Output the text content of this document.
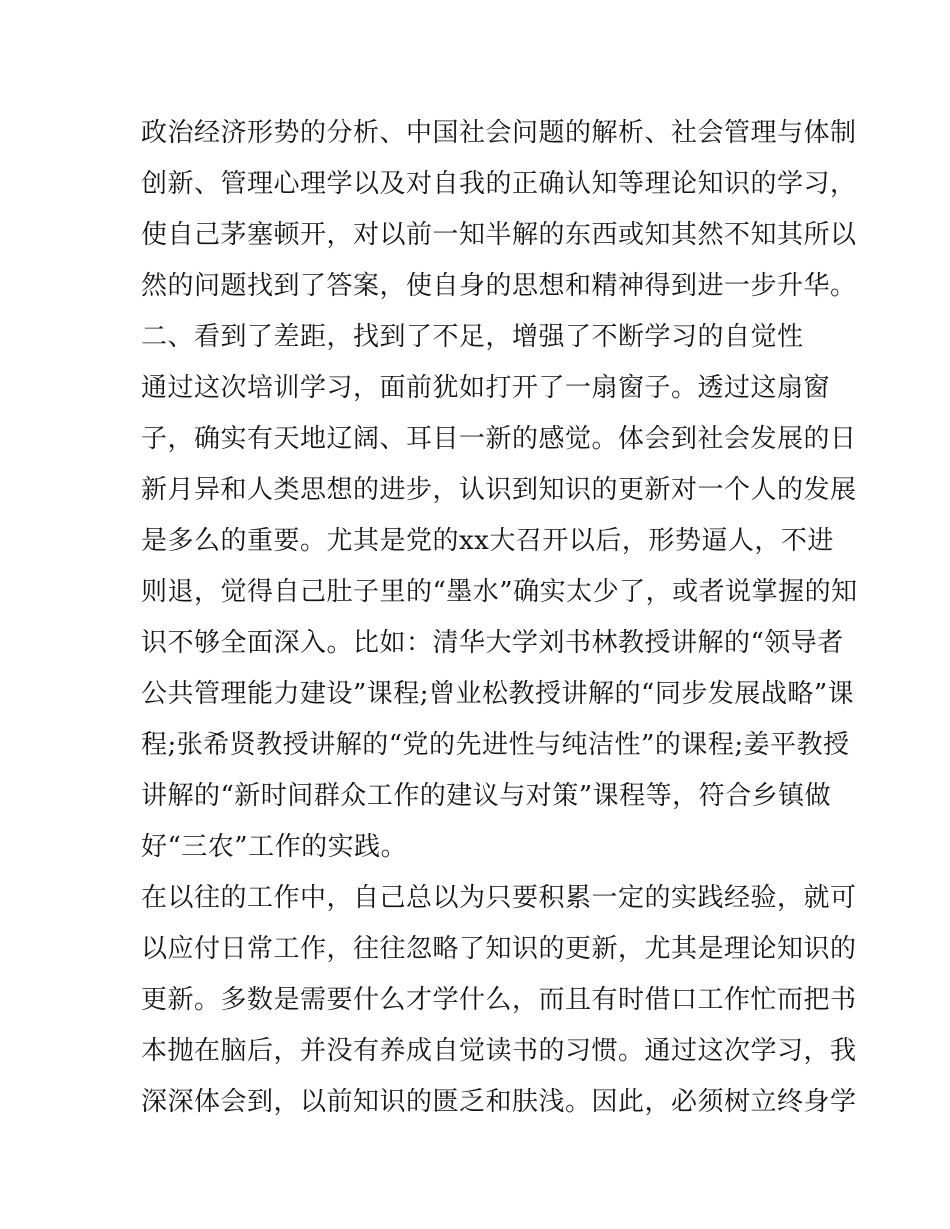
政治经济形势的分析、中国社会问题的解析、社会管理与体制
创新、管理心理学以及对自我的正确认知等理论知识的学习，
使自己茅塞顿开，对以前一知半解的东西或知其然不知其所以
然的问题找到了答案，使自身的思想和精神得到进一步升华。
二、看到了差距，找到了不足，增强了不断学习的自觉性
通过这次培训学习，面前犹如打开了一扇窗子。透过这扇窗
子，确实有天地辽阔、耳目一新的感觉。体会到社会发展的日
新月异和人类思想的进步，认识到知识的更新对一个人的发展
是多么的重要。尤其是党的xx大召开以后，形势逼人，不进
则退，觉得自己肚子里的“墨水”确实太少了，或者说掌握的知
识不够全面深入。比如：清华大学刘书林教授讲解的“领导者
公共管理能力建设”课程;曾业松教授讲解的“同步发展战略”课
程;张希贤教授讲解的“党的先进性与纯洁性”的课程;姜平教授
讲解的“新时间群众工作的建议与对策”课程等，符合乡镇做
好“三农”工作的实践。
在以往的工作中，自己总以为只要积累一定的实践经验，就可
以应付日常工作，往往忽略了知识的更新，尤其是理论知识的
更新。多数是需要什么才学什么，而且有时借口工作忙而把书
本抛在脑后，并没有养成自觉读书的习惯。通过这次学习，我
深深体会到，以前知识的匮乏和肤浅。因此，必须树立终身学
